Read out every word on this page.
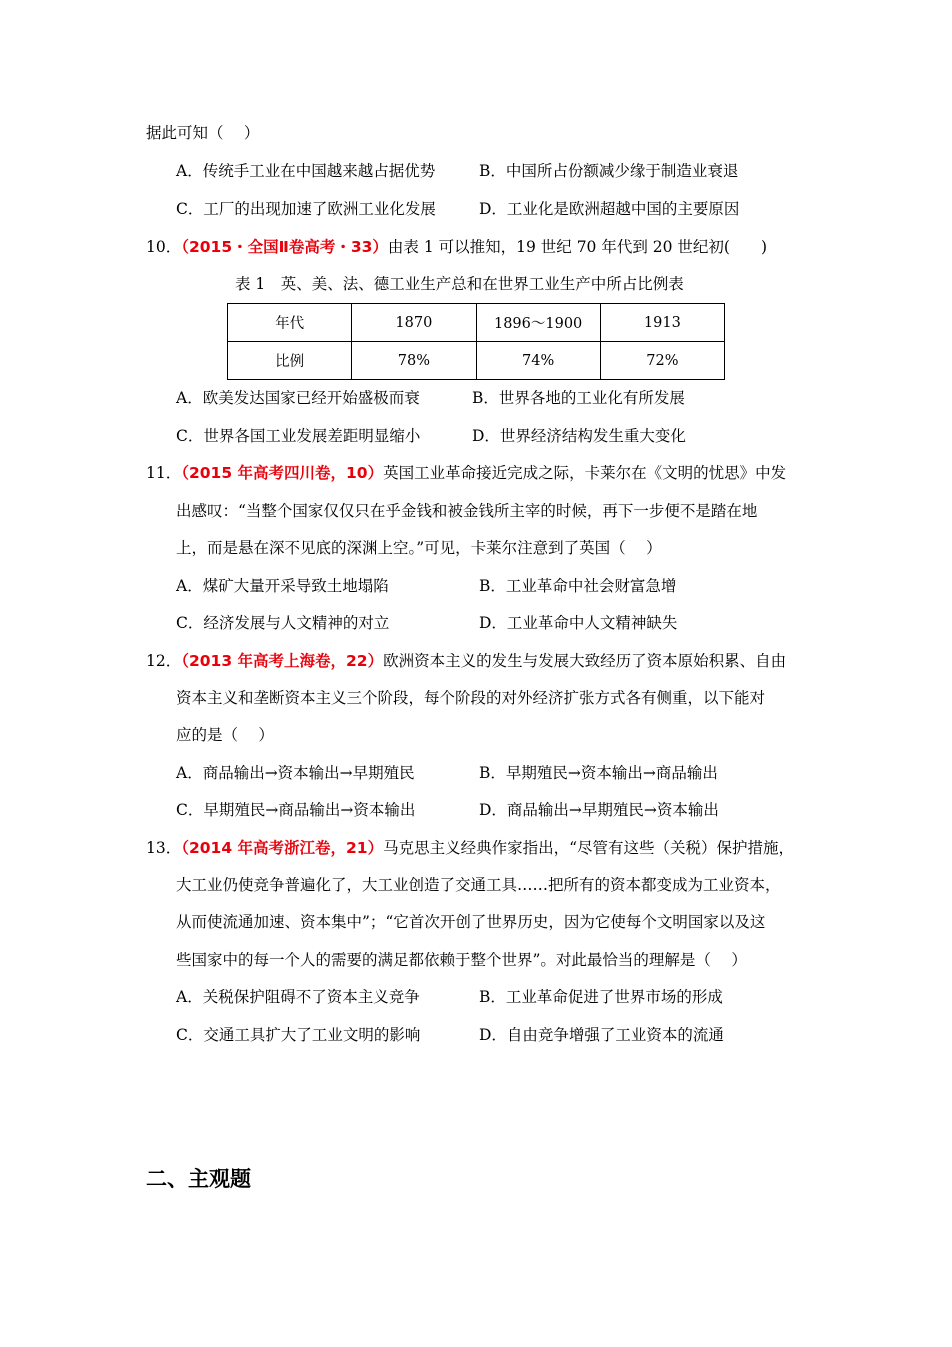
据此可知（　 ）
A．传统手工业在中国越来越占据优势	B．中国所占份额减少缘于制造业衰退
C．工厂的出现加速了欧洲工业化发展	D．工业化是欧洲超越中国的主要原因
10．（2015・全国Ⅱ卷高考・33）由表 1 可以推知，19 世纪 70 年代到 20 世纪初(　　)
表 1　英、美、法、德工业生产总和在世界工业生产中所占比例表
年代	1870	1896～1900	1913
比例	78%	74%	72%
A．欧美发达国家已经开始盛极而衰	B．世界各地的工业化有所发展
C．世界各国工业发展差距明显缩小	D．世界经济结构发生重大变化
11．（2015 年高考四川卷，10）英国工业革命接近完成之际，卡莱尔在《文明的忧思》中发
出感叹：“当整个国家仅仅只在乎金钱和被金钱所主宰的时候，再下一步便不是踏在地
上，而是悬在深不见底的深渊上空。”可见，卡莱尔注意到了英国（　 ）
A．煤矿大量开采导致土地塌陷	B．工业革命中社会财富急增
C．经济发展与人文精神的对立	D．工业革命中人文精神缺失
12．（2013 年高考上海卷，22）欧洲资本主义的发生与发展大致经历了资本原始积累、自由
资本主义和垄断资本主义三个阶段，每个阶段的对外经济扩张方式各有侧重，以下能对
应的是（　 ）
A．商品输出→资本输出→早期殖民	B．早期殖民→资本输出→商品输出
C．早期殖民→商品输出→资本输出	D．商品输出→早期殖民→资本输出
13．（2014 年高考浙江卷，21）马克思主义经典作家指出，“尽管有这些（关税）保护措施，
大工业仍使竞争普遍化了，大工业创造了交通工具……把所有的资本都变成为工业资本，
从而使流通加速、资本集中”；“它首次开创了世界历史，因为它使每个文明国家以及这
些国家中的每一个人的需要的满足都依赖于整个世界”。对此最恰当的理解是（　 ）
A．关税保护阻碍不了资本主义竞争	B．工业革命促进了世界市场的形成
C．交通工具扩大了工业文明的影响	D．自由竞争增强了工业资本的流通
二、主观题
